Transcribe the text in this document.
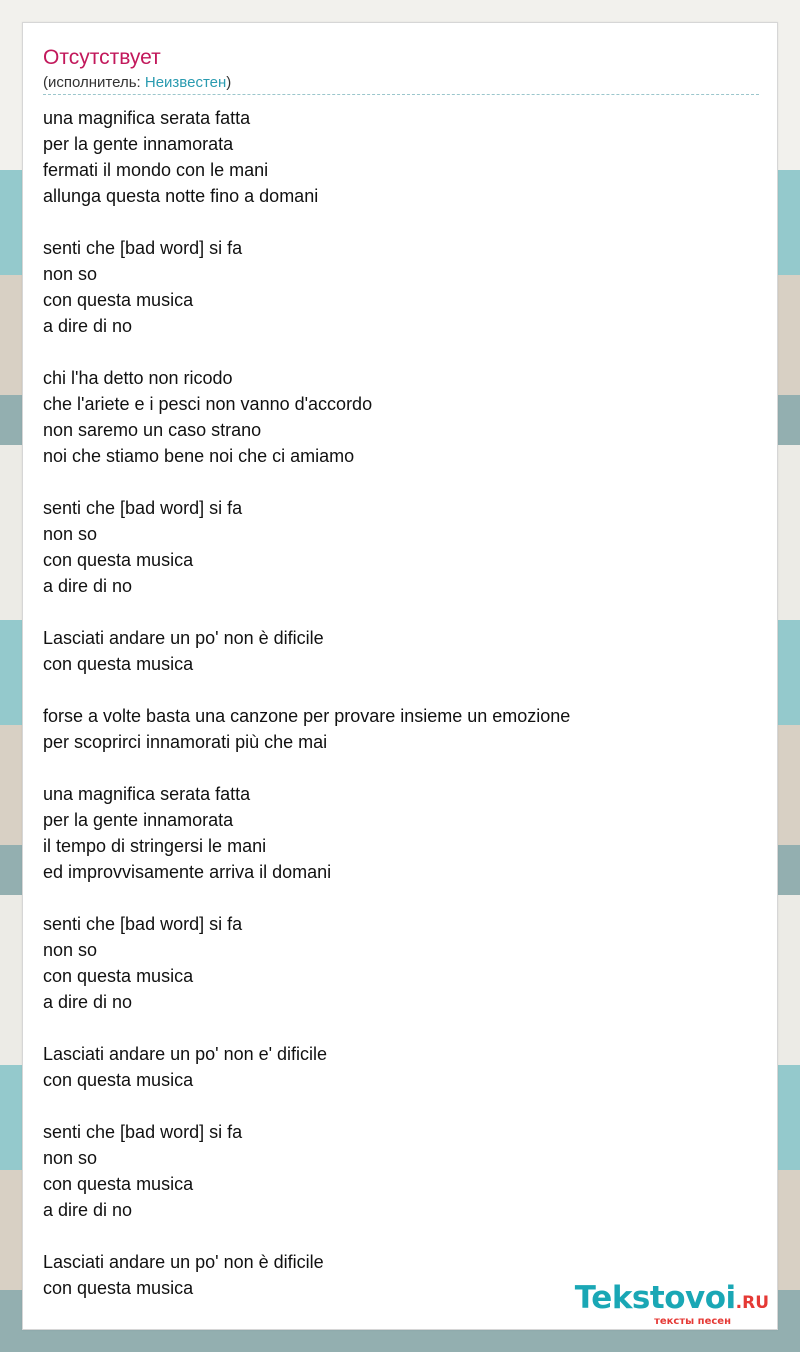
Отсутствует
(исполнитель: Неизвестен)
una magnifica serata fatta
per la gente innamorata
fermati il mondo con le mani
allunga questa notte fino a domani
senti che [bad word] si fa
non so
con questa musica
a dire di no
chi l'ha detto non ricodo
che l'ariete e i pesci non vanno d'accordo
non saremo un caso strano
noi che stiamo bene noi che ci amiamo
senti che [bad word] si fa
non so
con questa musica
a dire di no
Lasciati andare un po' non è dificile
con questa musica
forse a volte basta una canzone per provare insieme un emozione
per scoprirci innamorati più che mai
una magnifica serata fatta
per la gente innamorata
il tempo di stringersi le mani
ed improvvisamente arriva il domani
senti che [bad word] si fa
non so
con questa musica
a dire di no
Lasciati andare un po' non e' dificile
con questa musica
senti che [bad word] si fa
non so
con questa musica
a dire di no
Lasciati andare un po' non è dificile
con questa musica	Tekstovoi.RU
тексты песен
